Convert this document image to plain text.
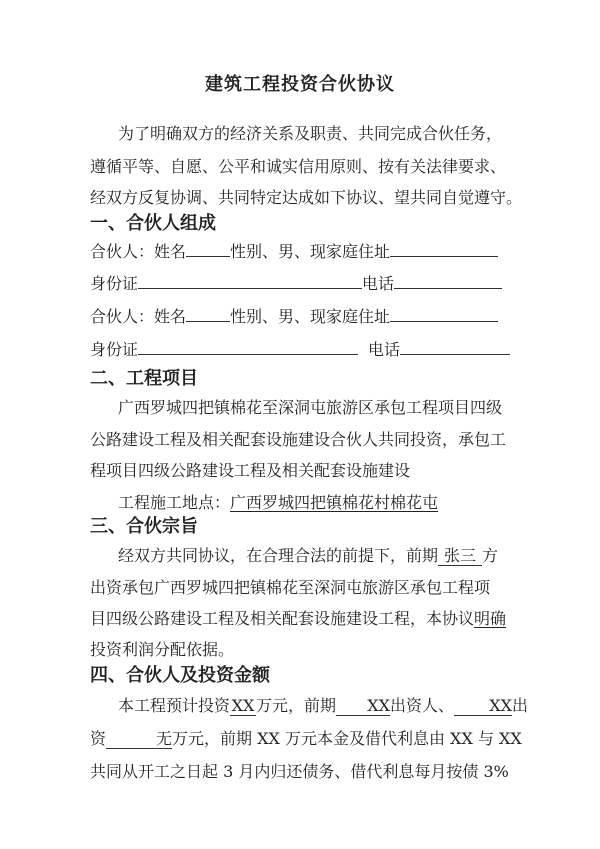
建筑工程投资合伙协议
为了明确双方的经济关系及职责、共同完成合伙任务，
遵循平等、自愿、公平和诚实信用原则、按有关法律要求、
经双方反复协调、共同特定达成如下协议、望共同自觉遵守。
一、合伙人组成
合伙人：姓名	性别、男、现家庭住址
身份证	电话
合伙人：姓名	性别、男、现家庭住址
身份证	电话
二、工程项目
广西罗城四把镇棉花至深洞屯旅游区承包工程项目四级
公路建设工程及相关配套设施建设合伙人共同投资，承包工
程项目四级公路建设工程及相关配套设施建设
工程施工地点：广西罗城四把镇棉花村棉花屯
三、合伙宗旨
经双方共同协议，在合理合法的前提下，前期 张三 方
出资承包广西罗城四把镇棉花至深洞屯旅游区承包工程项
目四级公路建设工程及相关配套设施建设工程，本协议明确
投资利润分配依据。
四、合伙人及投资金额
本工程预计投资 XX 万元，前期 XX出资人、 XX出
资	无万元，前期 XX 万元本金及借代利息由 XX 与 XX
共同从开工之日起 3 月内归还债务、借代利息每月按债 3%
